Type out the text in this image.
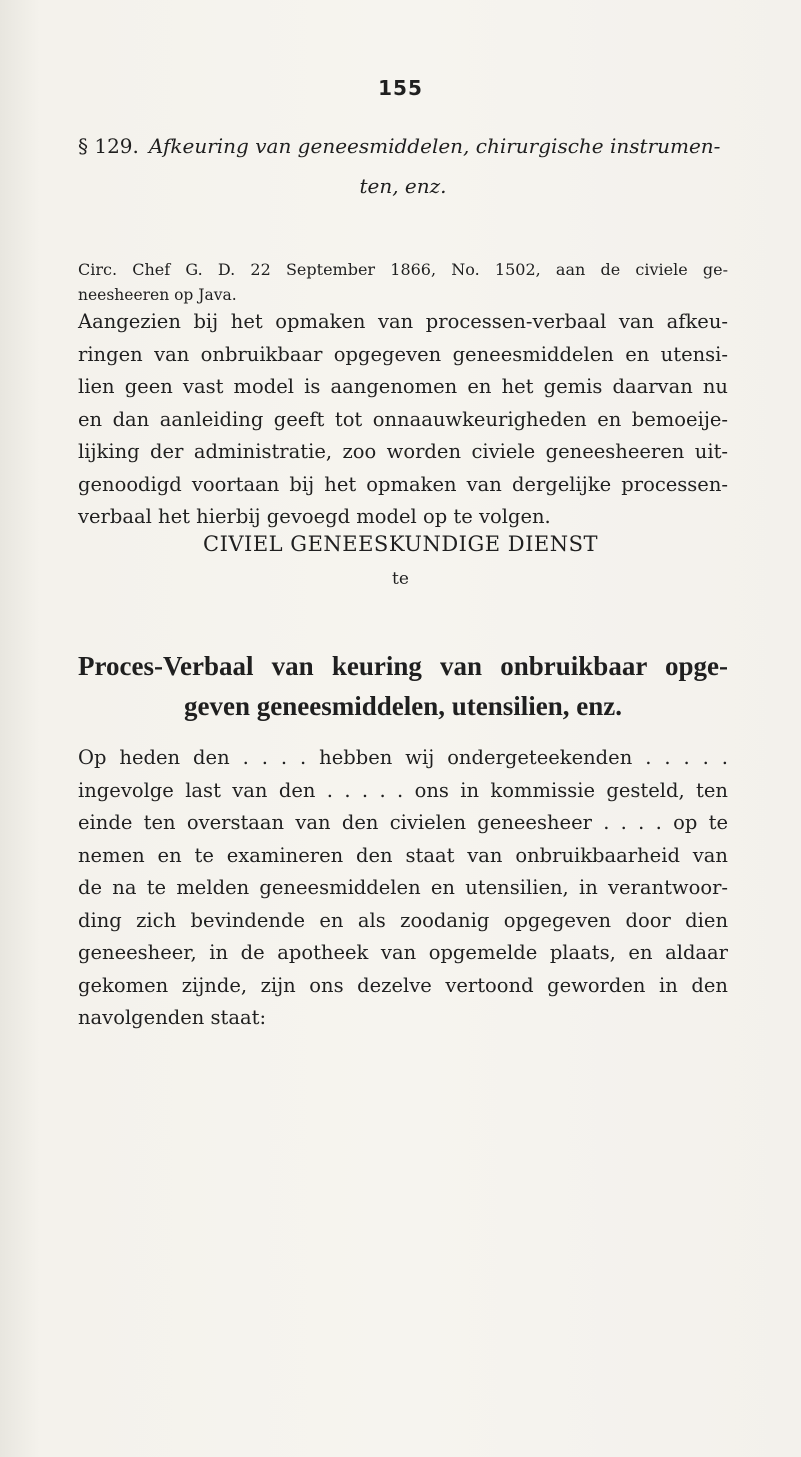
155
§ 129. Afkeuring van geneesmiddelen, chirurgische instrumen-
ten, enz.
Circ. Chef G. D. 22 September 1866, No. 1502, aan de civiele ge-
neesheeren op Java.
Aangezien bij het opmaken van processen-verbaal van afkeu-
ringen van onbruikbaar opgegeven geneesmiddelen en utensi-
lien geen vast model is aangenomen en het gemis daarvan nu
en dan aanleiding geeft tot onnaauwkeurigheden en bemoeije-
lijking der administratie, zoo worden civiele geneesheeren uit-
genoodigd voortaan bij het opmaken van dergelijke processen-
verbaal het hierbij gevoegd model op te volgen.
CIVIEL GENEESKUNDIGE DIENST
te
Proces-Verbaal van keuring van onbruikbaar opge-
geven geneesmiddelen, utensilien, enz.
Op heden den . . . . hebben wij ondergeteekenden . . . . .
ingevolge last van den . . . . . ons in kommissie gesteld, ten
einde ten overstaan van den civielen geneesheer . . . . op te
nemen en te examineren den staat van onbruikbaarheid van
de na te melden geneesmiddelen en utensilien, in verantwoor-
ding zich bevindende en als zoodanig opgegeven door dien
geneesheer, in de apotheek van opgemelde plaats, en aldaar
gekomen zijnde, zijn ons dezelve vertoond geworden in den
navolgenden staat:
